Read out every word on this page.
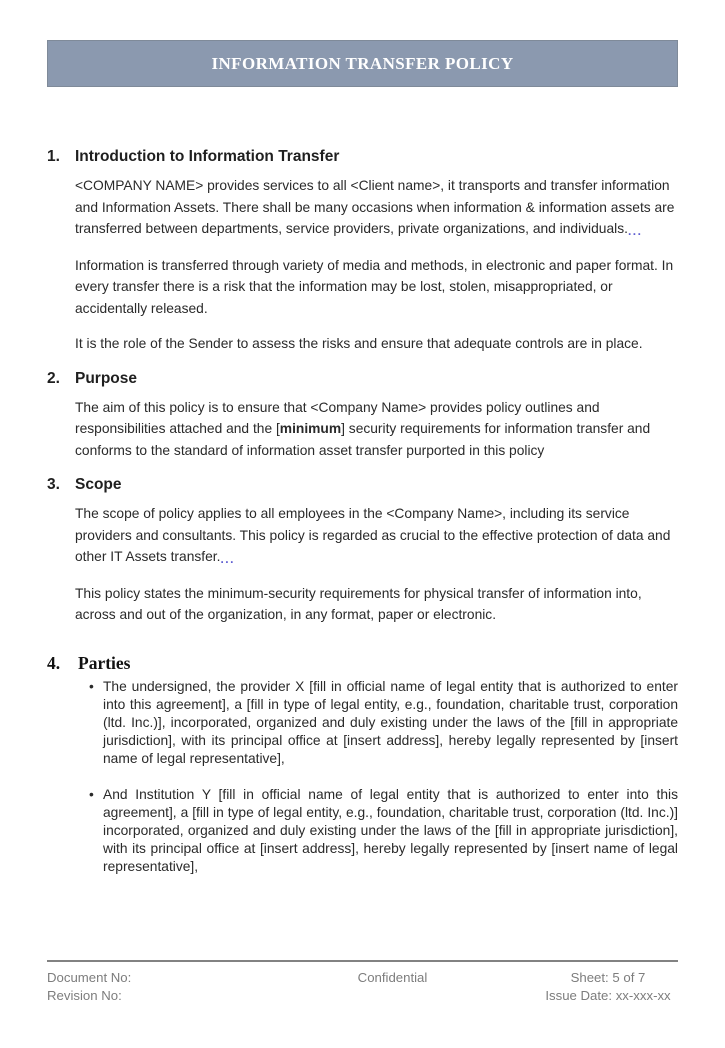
INFORMATION TRANSFER POLICY
1. Introduction to Information Transfer

<COMPANY NAME> provides services to all <Client name>, it transports and transfer information and Information Assets. There shall be many occasions when information & information assets are transferred between departments, service providers, private organizations, and individuals....

Information is transferred through variety of media and methods, in electronic and paper format. In every transfer there is a risk that the information may be lost, stolen, misappropriated, or accidentally released.

It is the role of the Sender to assess the risks and ensure that adequate controls are in place.

2. Purpose

The aim of this policy is to ensure that <Company Name> provides policy outlines and responsibilities attached and the [minimum] security requirements for information transfer and conforms to the standard of information asset transfer purported in this policy

3. Scope

The scope of policy applies to all employees in the <Company Name>, including its service providers and consultants. This policy is regarded as crucial to the effective protection of data and other IT Assets transfer....

This policy states the minimum-security requirements for physical transfer of information into, across and out of the organization, in any format, paper or electronic.

4.	Parties
• The undersigned, the provider X [fill in official name of legal entity that is authorized to enter into this agreement], a [fill in type of legal entity, e.g., foundation, charitable trust, corporation (ltd. Inc.)], incorporated, organized and duly existing under the laws of the [fill in appropriate jurisdiction], with its principal office at [insert address], hereby legally represented by [insert name of legal representative],
• And Institution Y [fill in official name of legal entity that is authorized to enter into this agreement], a [fill in type of legal entity, e.g., foundation, charitable trust, corporation (ltd. Inc.)] incorporated, organized and duly existing under the laws of the [fill in appropriate jurisdiction], with its principal office at [insert address], hereby legally represented by [insert name of legal representative],
Document No:
Revision No:
Confidential	Sheet: 5 of 7
Issue Date: xx-xxx-xx
